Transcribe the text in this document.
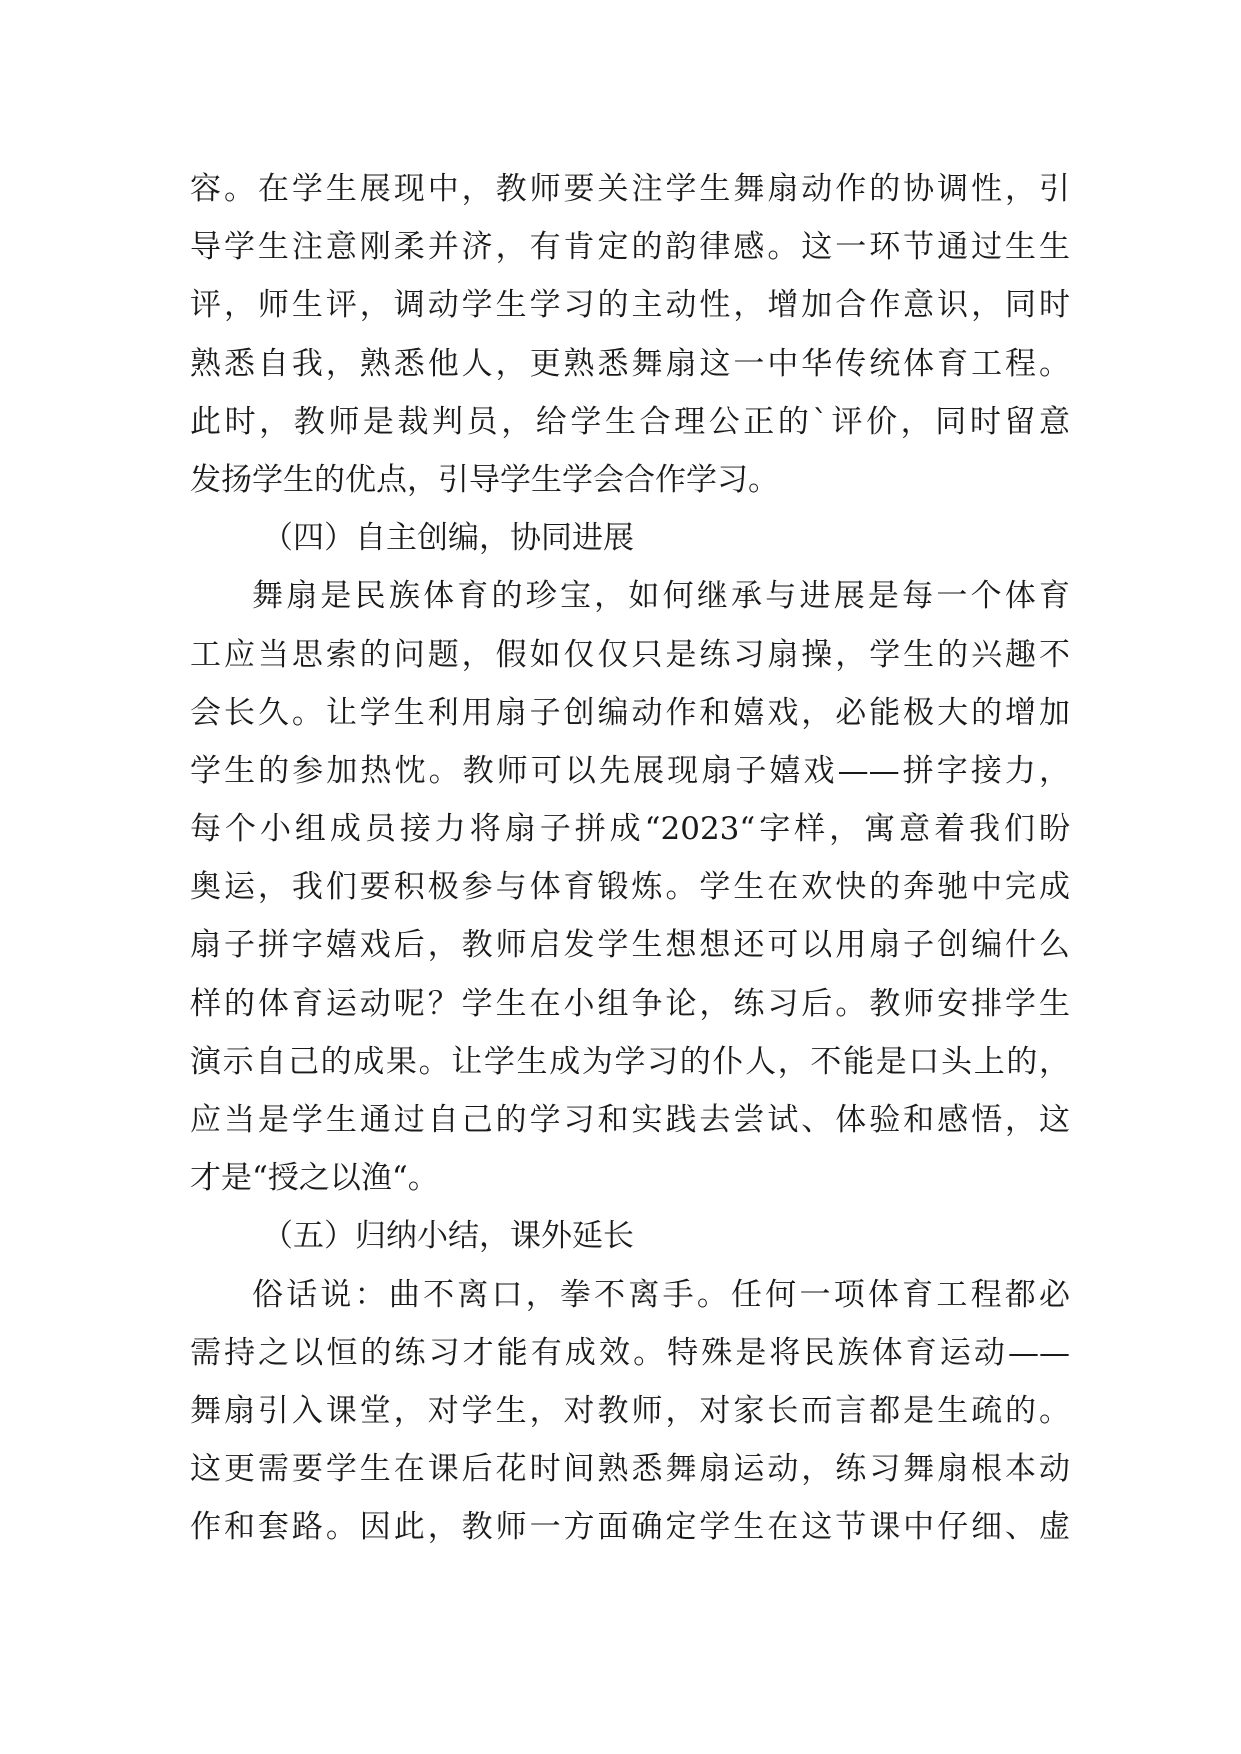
容。在学生展现中，教师要关注学生舞扇动作的协调性，引
导学生注意刚柔并济，有肯定的韵律感。这一环节通过生生
评，师生评，调动学生学习的主动性，增加合作意识，同时
熟悉自我，熟悉他人，更熟悉舞扇这一中华传统体育工程。
此时，教师是裁判员，给学生合理公正的`评价，同时留意
发扬学生的优点，引导学生学会合作学习。
（四）自主创编，协同进展
舞扇是民族体育的珍宝，如何继承与进展是每一个体育
工应当思索的问题，假如仅仅只是练习扇操，学生的兴趣不
会长久。让学生利用扇子创编动作和嬉戏，必能极大的增加
学生的参加热忱。教师可以先展现扇子嬉戏——拼字接力，
每个小组成员接力将扇子拼成“2023“字样，寓意着我们盼
奥运，我们要积极参与体育锻炼。学生在欢快的奔驰中完成
扇子拼字嬉戏后，教师启发学生想想还可以用扇子创编什么
样的体育运动呢？学生在小组争论，练习后。教师安排学生
演示自己的成果。让学生成为学习的仆人，不能是口头上的，
应当是学生通过自己的学习和实践去尝试、体验和感悟，这
才是“授之以渔“。
（五）归纳小结，课外延长
俗话说：曲不离口，拳不离手。任何一项体育工程都必
需持之以恒的练习才能有成效。特殊是将民族体育运动——
舞扇引入课堂，对学生，对教师，对家长而言都是生疏的。
这更需要学生在课后花时间熟悉舞扇运动，练习舞扇根本动
作和套路。因此，教师一方面确定学生在这节课中仔细、虚
